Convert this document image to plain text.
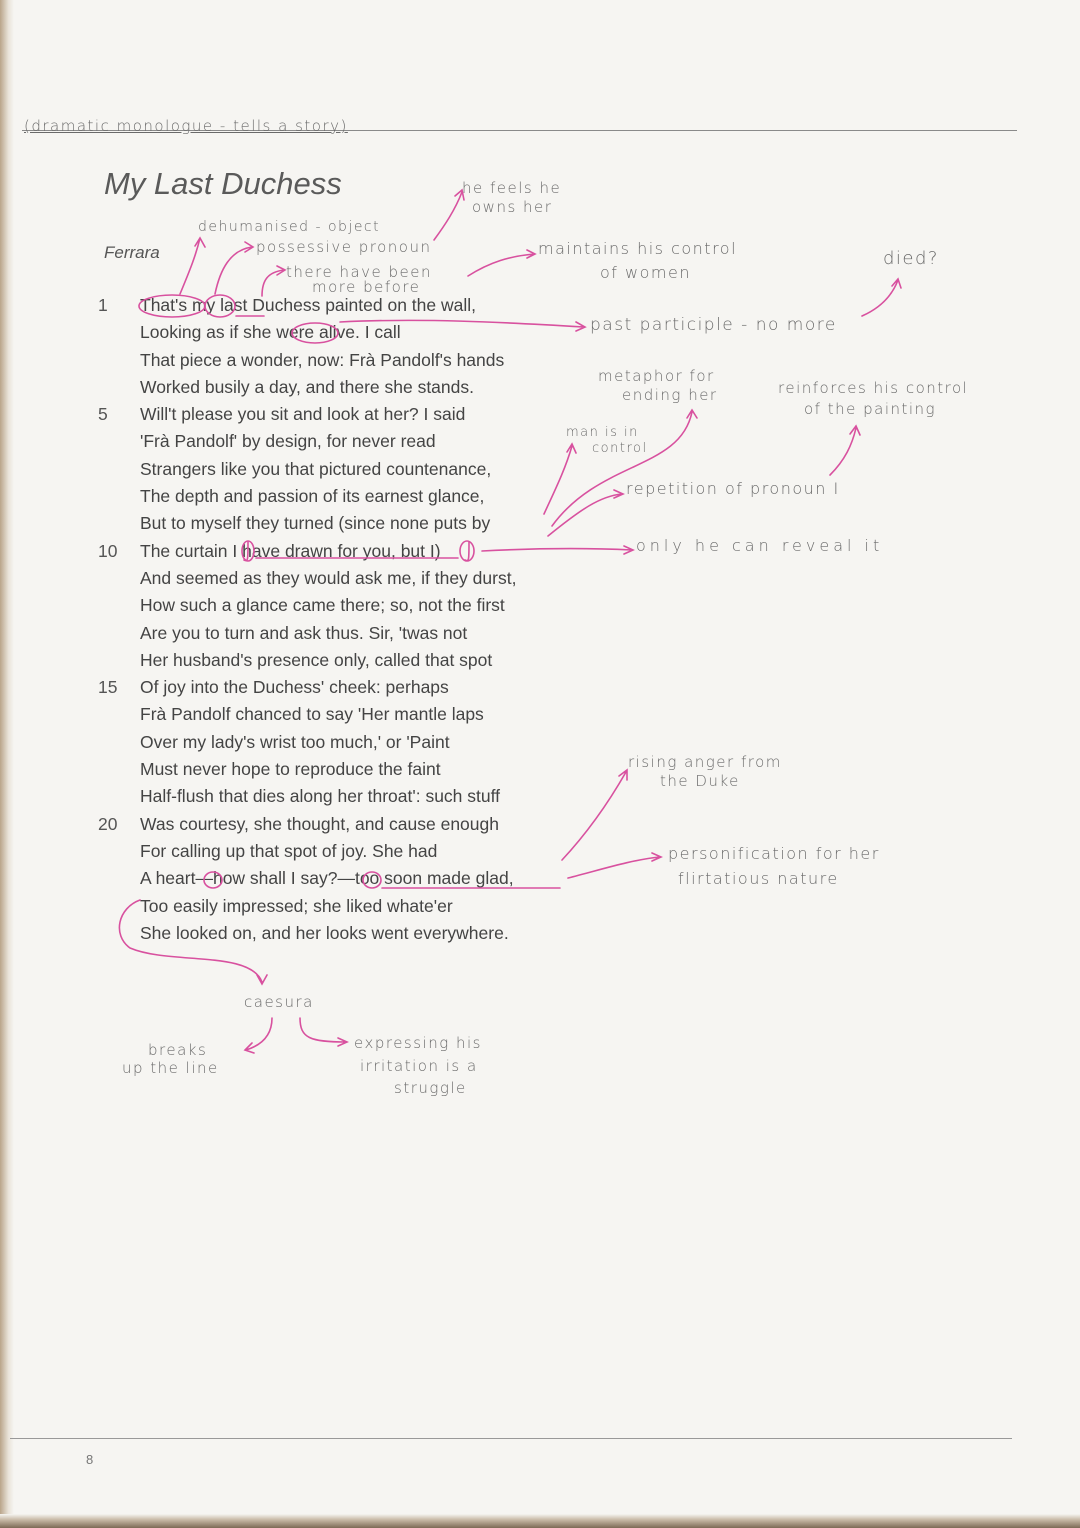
(dramatic monologue - tells a story)
My Last Duchess
Ferrara
1	That's my last Duchess painted on the wall,
Looking as if she were alive. I call
That piece a wonder, now: Frà Pandolf's hands
Worked busily a day, and there she stands.
5	Will't please you sit and look at her? I said
'Frà Pandolf' by design, for never read
Strangers like you that pictured countenance,
The depth and passion of its earnest glance,
But to myself they turned (since none puts by
10	The curtain I have drawn for you, but I)
And seemed as they would ask me, if they durst,
How such a glance came there; so, not the first
Are you to turn and ask thus. Sir, 'twas not
Her husband's presence only, called that spot
15	Of joy into the Duchess' cheek: perhaps
Frà Pandolf chanced to say 'Her mantle laps
Over my lady's wrist too much,' or 'Paint
Must never hope to reproduce the faint
Half-flush that dies along her throat': such stuff
20	Was courtesy, she thought, and cause enough
For calling up that spot of joy. She had
A heart—how shall I say?—too soon made glad,
Too easily impressed; she liked whate'er
She looked on, and her looks went everywhere.
he feels he
owns her
dehumanised - object
possessive pronoun
there have been
more before
maintains his control
of women
died?
past participle - no more
metaphor for
ending her	reinforces his control
of the painting
man is in
control
repetition of pronoun I
only he can reveal it
rising anger from
the Duke
personification for her
flirtatious nature
caesura
breaks
up the line
expressing his
irritation is a
struggle
8
